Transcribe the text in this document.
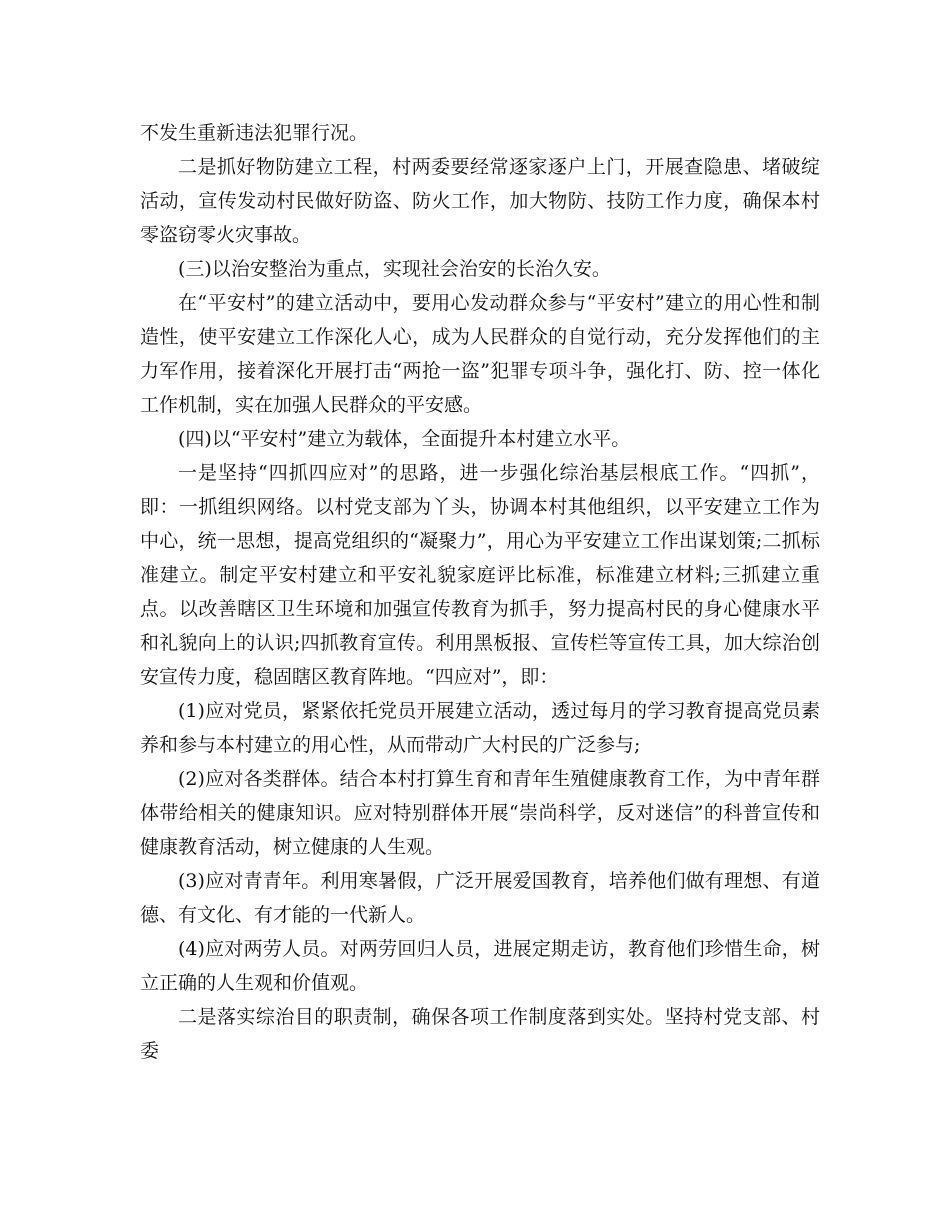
不发生重新违法犯罪行况。

二是抓好物防建立工程，村两委要经常逐家逐户上门，开展查隐患、堵破绽活动，宣传发动村民做好防盗、防火工作，加大物防、技防工作力度，确保本村零盗窃零火灾事故。

(三)以治安整治为重点，实现社会治安的长治久安。

在“平安村”的建立活动中，要用心发动群众参与“平安村”建立的用心性和制造性，使平安建立工作深化人心，成为人民群众的自觉行动，充分发挥他们的主力军作用，接着深化开展打击“两抢一盗”犯罪专项斗争，强化打、防、控一体化工作机制，实在加强人民群众的平安感。

(四)以“平安村”建立为载体，全面提升本村建立水平。

一是坚持“四抓四应对”的思路，进一步强化综治基层根底工作。“四抓”，即：一抓组织网络。以村党支部为丫头，协调本村其他组织，以平安建立工作为中心，统一思想，提高党组织的“凝聚力”，用心为平安建立工作出谋划策;二抓标准建立。制定平安村建立和平安礼貌家庭评比标准，标准建立材料;三抓建立重点。以改善瞎区卫生环境和加强宣传教育为抓手，努力提高村民的身心健康水平和礼貌向上的认识;四抓教育宣传。利用黑板报、宣传栏等宣传工具，加大综治创安宣传力度，稳固瞎区教育阵地。“四应对”，即：

(1)应对党员，紧紧依托党员开展建立活动，透过每月的学习教育提高党员素养和参与本村建立的用心性，从而带动广大村民的广泛参与;

(2)应对各类群体。结合本村打算生育和青年生殖健康教育工作，为中青年群体带给相关的健康知识。应对特别群体开展“崇尚科学，反对迷信”的科普宣传和健康教育活动，树立健康的人生观。

(3)应对青青年。利用寒暑假，广泛开展爱国教育，培养他们做有理想、有道德、有文化、有才能的一代新人。

(4)应对两劳人员。对两劳回归人员，进展定期走访，教育他们珍惜生命，树立正确的人生观和价值观。

二是落实综治目的职责制，确保各项工作制度落到实处。坚持村党支部、村委
